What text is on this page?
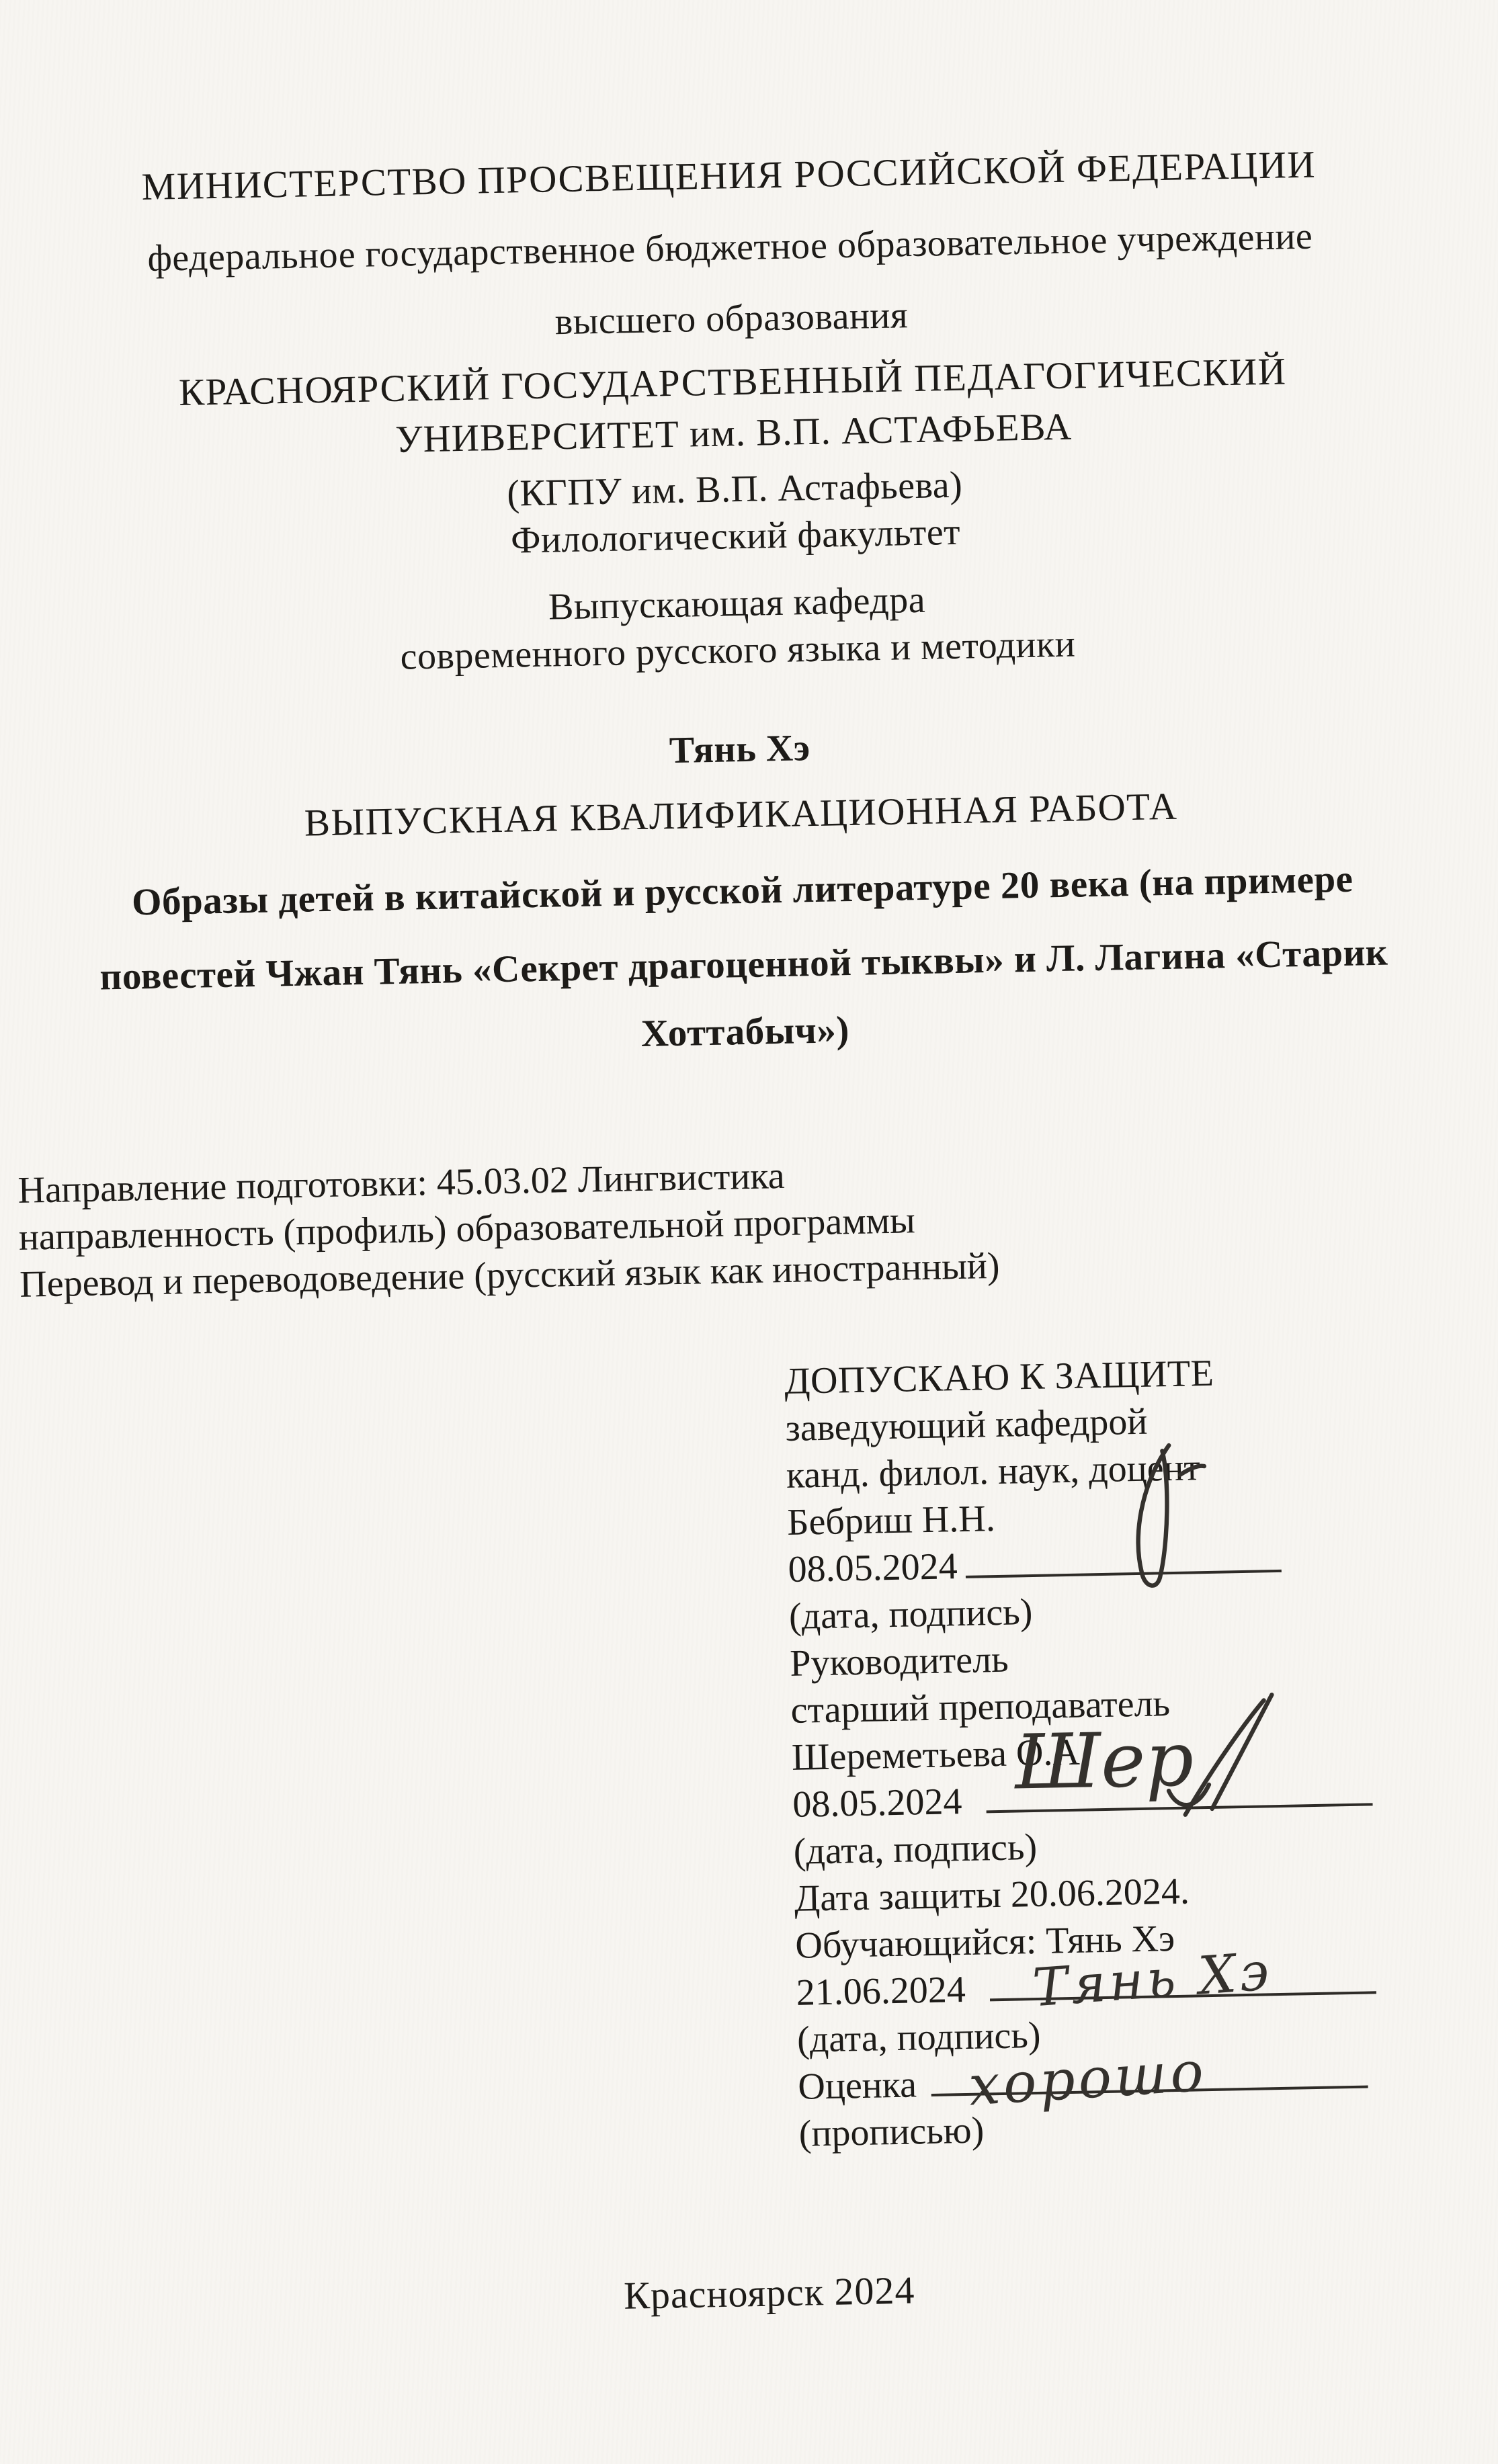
МИНИСТЕРСТВО ПРОСВЕЩЕНИЯ РОССИЙСКОЙ ФЕДЕРАЦИИ
федеральное государственное бюджетное образовательное учреждение
высшего образования
КРАСНОЯРСКИЙ ГОСУДАРСТВЕННЫЙ ПЕДАГОГИЧЕСКИЙ
УНИВЕРСИТЕТ им. В.П. АСТАФЬЕВА
(КГПУ им. В.П. Астафьева)
Филологический факультет
Выпускающая кафедра
современного русского языка и методики
Тянь Хэ
ВЫПУСКНАЯ КВАЛИФИКАЦИОННАЯ РАБОТА
Образы детей в китайской и русской литературе 20 века (на примере
повестей Чжан Тянь «Секрет драгоценной тыквы» и Л. Лагина «Старик
Хоттабыч»)
Направление подготовки: 45.03.02 Лингвистика
направленность (профиль) образовательной программы
Перевод и переводоведение (русский язык как иностранный)
ДОПУСКАЮ К ЗАЩИТЕ
заведующий кафедрой
канд. филол. наук, доцент
Бебриш Н.Н.
08.05.2024
(дата, подпись)
Руководитель
старший преподаватель
Шереметьева О.А.
08.05.2024 Шер
(дата, подпись)
Дата защиты 20.06.2024.
Обучающийся: Тянь Хэ
21.06.2024 Тянь Хэ
(дата, подпись)
Оценка хорошо
(прописью)
Красноярск 2024
